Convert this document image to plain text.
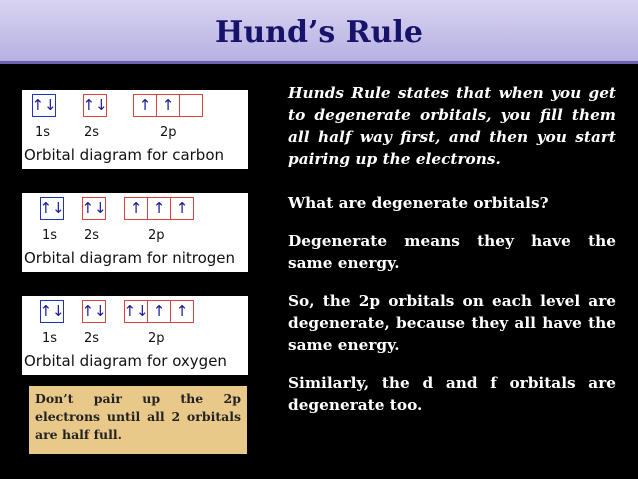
Hund’s Rule
↑↓ ↑↓	↑ ↑
1s	2s	2p
Orbital diagram for carbon
↑↓ ↑↓	↑ ↑ ↑
1s 2s	2p
Orbital diagram for nitrogen
↑↓ ↑↓ ↑↓ ↑ ↑
1s 2s	2p
Orbital diagram for oxygen
Don’t pair up the 2p electrons until all 2 orbitals are half full.
Hunds Rule states that when you get to degenerate orbitals, you fill them all half way first, and then you start pairing up the electrons.
What are degenerate orbitals?
Degenerate means they have the same energy.
So, the 2p orbitals on each level are degenerate, because they all have the same energy.
Similarly, the d and f orbitals are degenerate too.
